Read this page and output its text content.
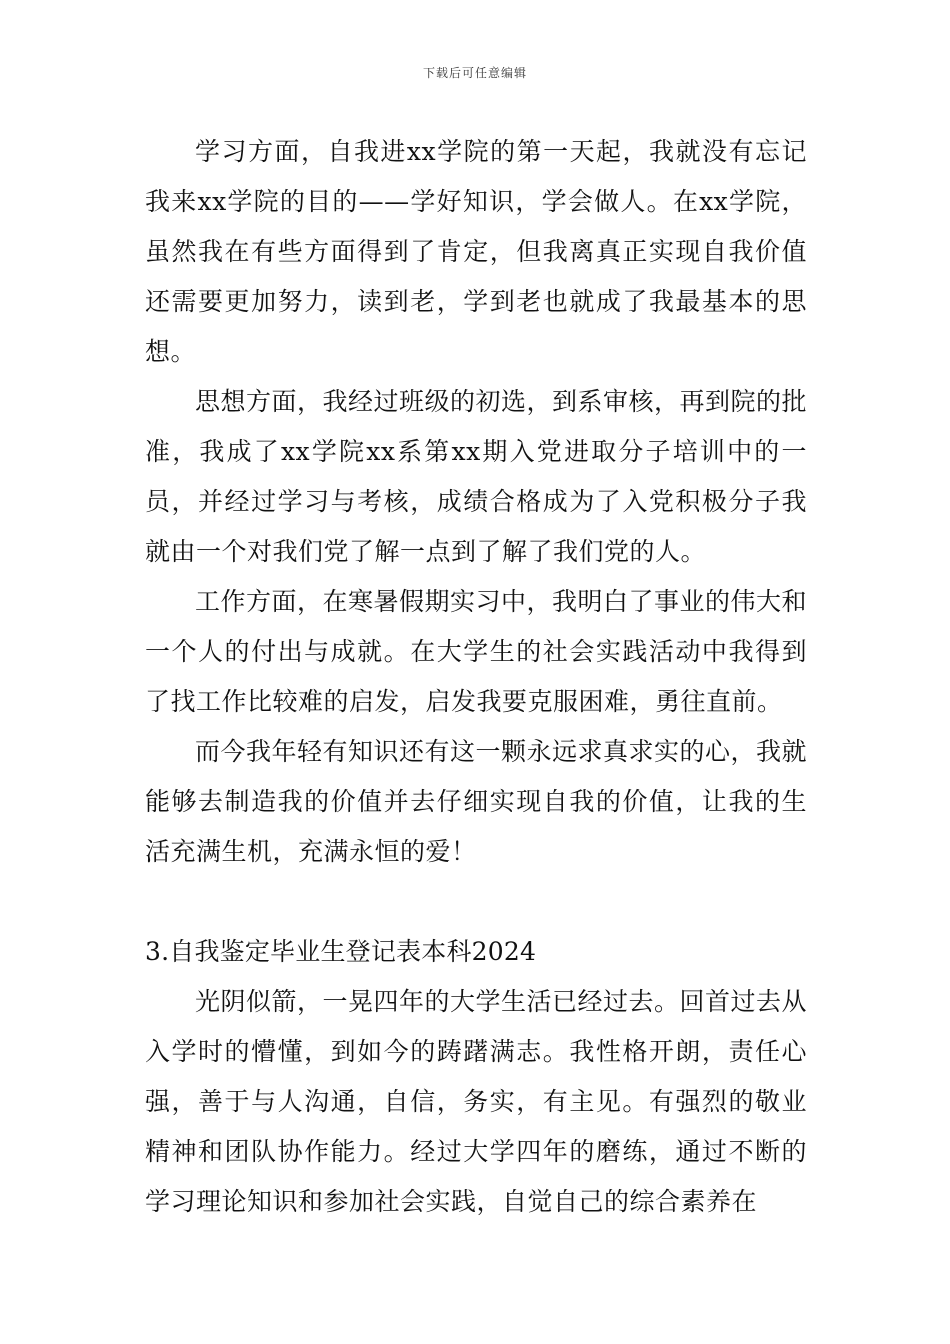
下载后可任意编辑

学习方面，自我进xx学院的第一天起，我就没有忘记我来xx学院的目的——学好知识，学会做人。在xx学院，虽然我在有些方面得到了肯定，但我离真正实现自我价值还需要更加努力，读到老，学到老也就成了我最基本的思想。

思想方面，我经过班级的初选，到系审核，再到院的批准，我成了xx学院xx系第xx期入党进取分子培训中的一员，并经过学习与考核，成绩合格成为了入党积极分子我就由一个对我们党了解一点到了解了我们党的人。

工作方面，在寒暑假期实习中，我明白了事业的伟大和一个人的付出与成就。在大学生的社会实践活动中我得到了找工作比较难的启发，启发我要克服困难，勇往直前。

而今我年轻有知识还有这一颗永远求真求实的心，我就能够去制造我的价值并去仔细实现自我的价值，让我的生活充满生机，充满永恒的爱！

3.自我鉴定毕业生登记表本科2024

光阴似箭，一晃四年的大学生活已经过去。回首过去从入学时的懵懂，到如今的踌躇满志。我性格开朗，责任心强，善于与人沟通，自信，务实，有主见。有强烈的敬业精神和团队协作能力。经过大学四年的磨练，通过不断的学习理论知识和参加社会实践，自觉自己的综合素养在
